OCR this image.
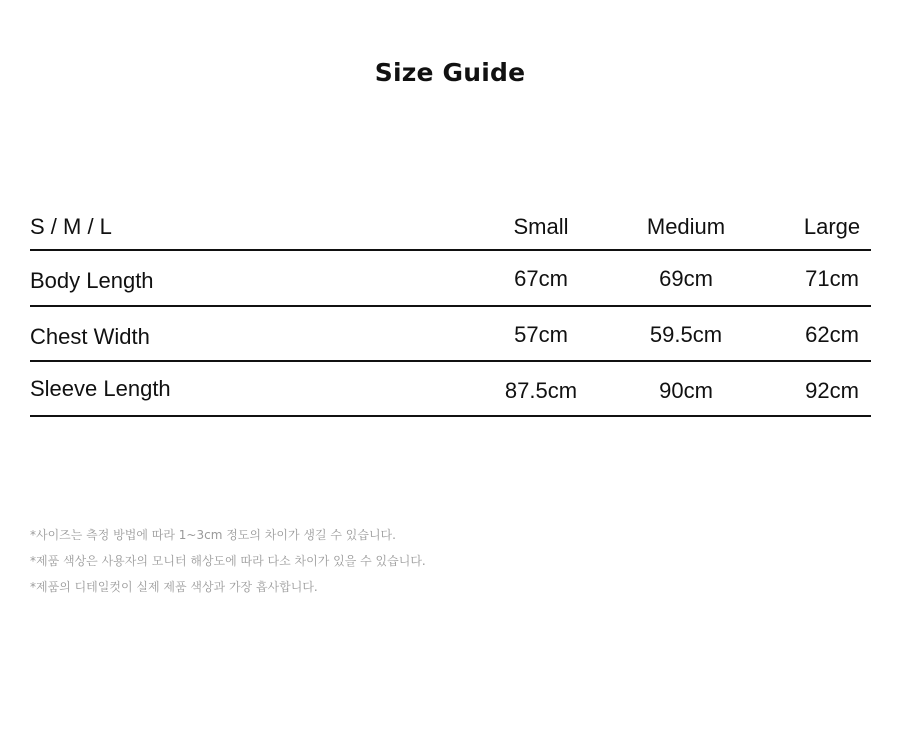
Size Guide
S / M / L	Small	Medium	Large
Body Length	67cm	69cm	71cm
Chest Width	57cm	59.5cm	62cm
Sleeve Length	87.5cm	90cm	92cm
*사이즈는 측정 방법에 따라 1~3cm 정도의 차이가 생길 수 있습니다.
*제품 색상은 사용자의 모니터 해상도에 따라 다소 차이가 있을 수 있습니다.
*제품의 디테일컷이 실제 제품 색상과 가장 흡사합니다.
